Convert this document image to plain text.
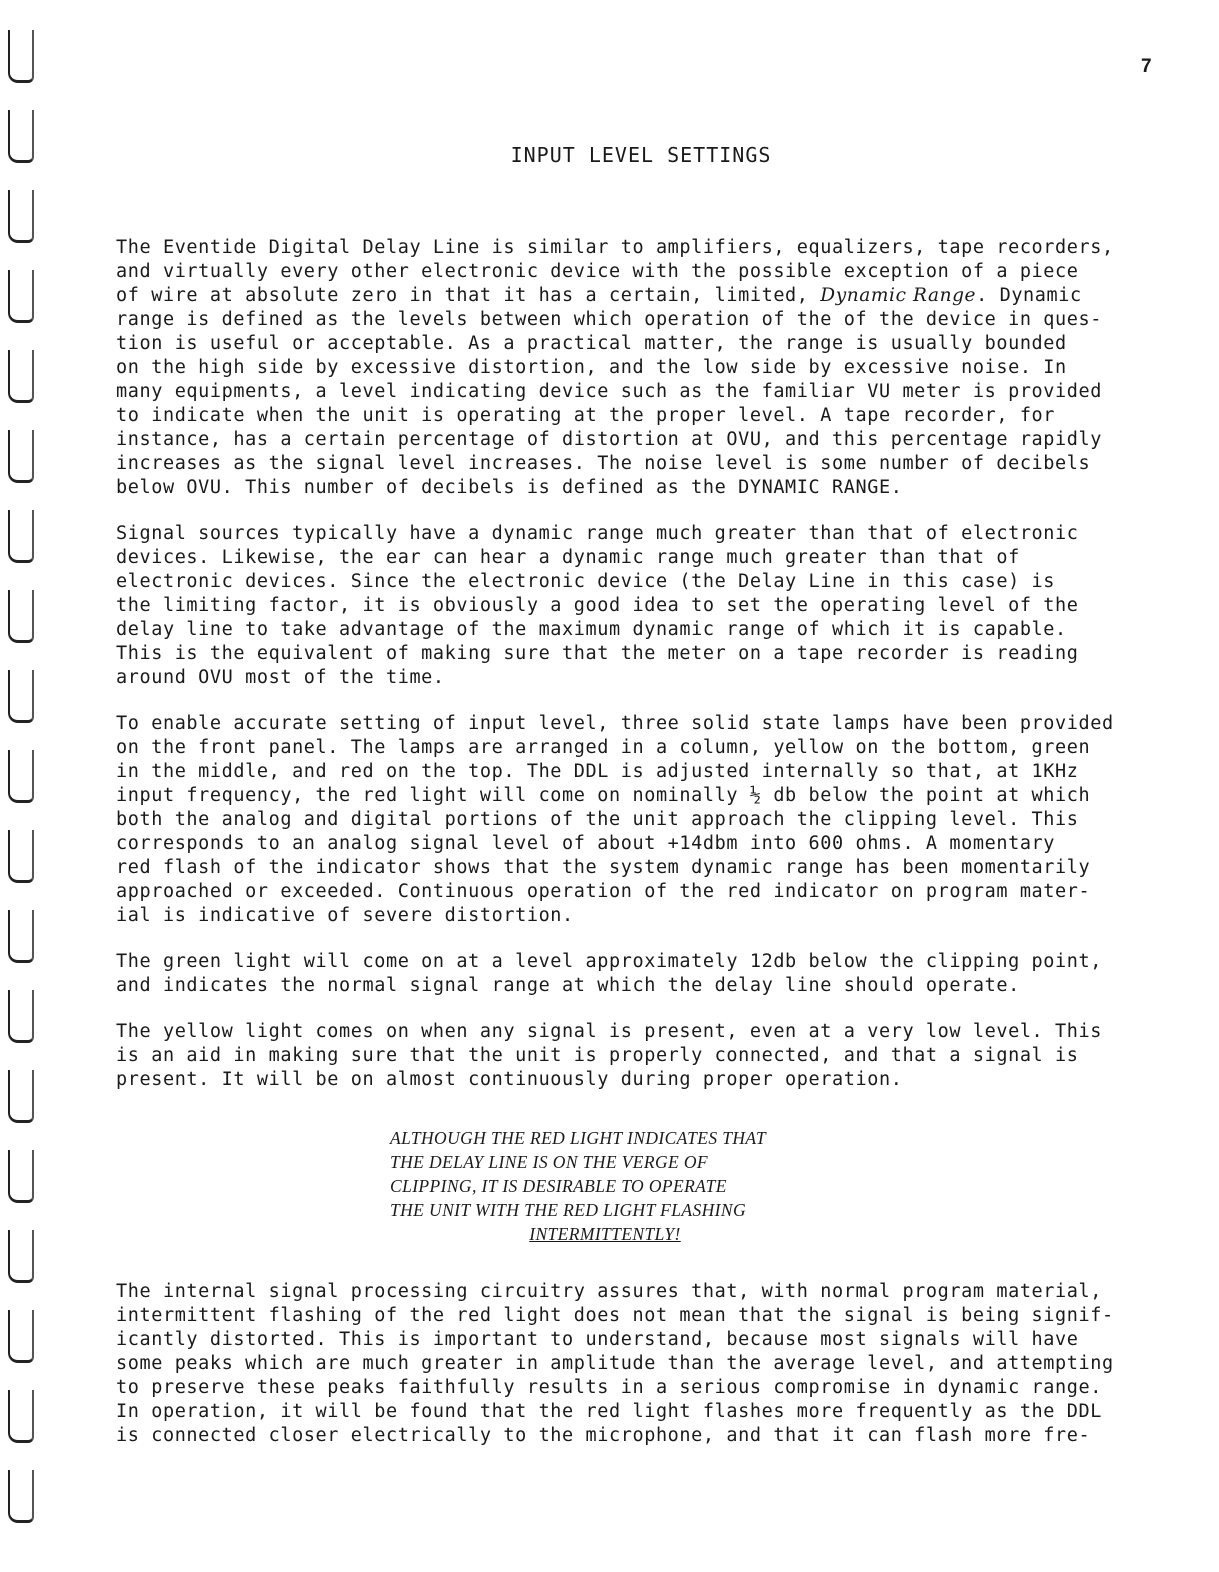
7
INPUT LEVEL SETTINGS

The Eventide Digital Delay Line is similar to amplifiers, equalizers, tape recorders,
and virtually every other electronic device with the possible exception of a piece
of wire at absolute zero in that it has a certain, limited, Dynamic Range. Dynamic
range is defined as the levels between which operation of the of the device in ques-
tion is useful or acceptable. As a practical matter, the range is usually bounded
on the high side by excessive distortion, and the low side by excessive noise. In
many equipments, a level indicating device such as the familiar VU meter is provided
to indicate when the unit is operating at the proper level. A tape recorder, for
instance, has a certain percentage of distortion at OVU, and this percentage rapidly
increases as the signal level increases. The noise level is some number of decibels
below OVU. This number of decibels is defined as the DYNAMIC RANGE.

Signal sources typically have a dynamic range much greater than that of electronic
devices. Likewise, the ear can hear a dynamic range much greater than that of
electronic devices. Since the electronic device (the Delay Line in this case) is
the limiting factor, it is obviously a good idea to set the operating level of the
delay line to take advantage of the maximum dynamic range of which it is capable.
This is the equivalent of making sure that the meter on a tape recorder is reading
around OVU most of the time.

To enable accurate setting of input level, three solid state lamps have been provided
on the front panel. The lamps are arranged in a column, yellow on the bottom, green
in the middle, and red on the top. The DDL is adjusted internally so that, at 1KHz
input frequency, the red light will come on nominally ½ db below the point at which
both the analog and digital portions of the unit approach the clipping level. This
corresponds to an analog signal level of about +14dbm into 600 ohms. A momentary
red flash of the indicator shows that the system dynamic range has been momentarily
approached or exceeded. Continuous operation of the red indicator on program mater-
ial is indicative of severe distortion.

The green light will come on at a level approximately 12db below the clipping point,
and indicates the normal signal range at which the delay line should operate.

The yellow light comes on when any signal is present, even at a very low level. This
is an aid in making sure that the unit is properly connected, and that a signal is
present. It will be on almost continuously during proper operation.

ALTHOUGH THE RED LIGHT INDICATES THAT
THE DELAY LINE IS ON THE VERGE OF
CLIPPING, IT IS DESIRABLE TO OPERATE
THE UNIT WITH THE RED LIGHT FLASHING
INTERMITTENTLY!

The internal signal processing circuitry assures that, with normal program material,
intermittent flashing of the red light does not mean that the signal is being signif-
icantly distorted. This is important to understand, because most signals will have
some peaks which are much greater in amplitude than the average level, and attempting
to preserve these peaks faithfully results in a serious compromise in dynamic range.
In operation, it will be found that the red light flashes more frequently as the DDL
is connected closer electrically to the microphone, and that it can flash more fre-
